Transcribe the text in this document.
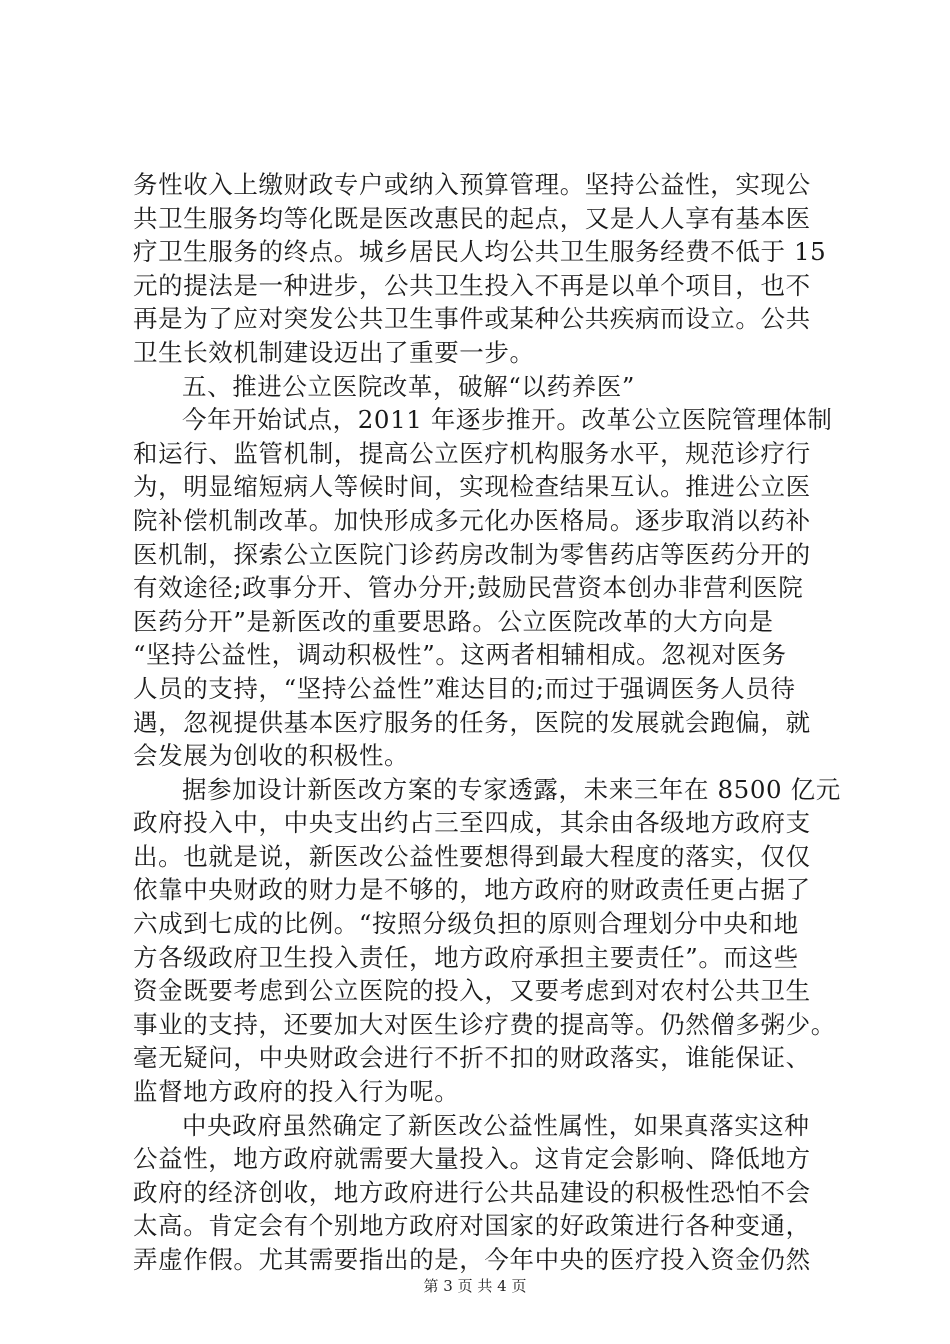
务性收入上缴财政专户或纳入预算管理。坚持公益性，实现公
共卫生服务均等化既是医改惠民的起点，又是人人享有基本医
疗卫生服务的终点。城乡居民人均公共卫生服务经费不低于 15
元的提法是一种进步，公共卫生投入不再是以单个项目，也不
再是为了应对突发公共卫生事件或某种公共疾病而设立。公共
卫生长效机制建设迈出了重要一步。
五、推进公立医院改革，破解“以药养医”
今年开始试点，2011 年逐步推开。改革公立医院管理体制
和运行、监管机制，提高公立医疗机构服务水平，规范诊疗行
为，明显缩短病人等候时间，实现检查结果互认。推进公立医
院补偿机制改革。加快形成多元化办医格局。逐步取消以药补
医机制，探索公立医院门诊药房改制为零售药店等医药分开的
有效途径;政事分开、管办分开;鼓励民营资本创办非营利医院
医药分开”是新医改的重要思路。公立医院改革的大方向是
“坚持公益性，调动积极性”。这两者相辅相成。忽视对医务
人员的支持，“坚持公益性”难达目的;而过于强调医务人员待
遇，忽视提供基本医疗服务的任务，医院的发展就会跑偏，就
会发展为创收的积极性。
据参加设计新医改方案的专家透露，未来三年在 8500 亿元
政府投入中，中央支出约占三至四成，其余由各级地方政府支
出。也就是说，新医改公益性要想得到最大程度的落实，仅仅
依靠中央财政的财力是不够的，地方政府的财政责任更占据了
六成到七成的比例。“按照分级负担的原则合理划分中央和地
方各级政府卫生投入责任，地方政府承担主要责任”。而这些
资金既要考虑到公立医院的投入，又要考虑到对农村公共卫生
事业的支持，还要加大对医生诊疗费的提高等。仍然僧多粥少。
毫无疑问，中央财政会进行不折不扣的财政落实，谁能保证、
监督地方政府的投入行为呢。
中央政府虽然确定了新医改公益性属性，如果真落实这种
公益性，地方政府就需要大量投入。这肯定会影响、降低地方
政府的经济创收，地方政府进行公共品建设的积极性恐怕不会
太高。肯定会有个别地方政府对国家的好政策进行各种变通，
弄虚作假。尤其需要指出的是，今年中央的医疗投入资金仍然
第 3 页 共 4 页
